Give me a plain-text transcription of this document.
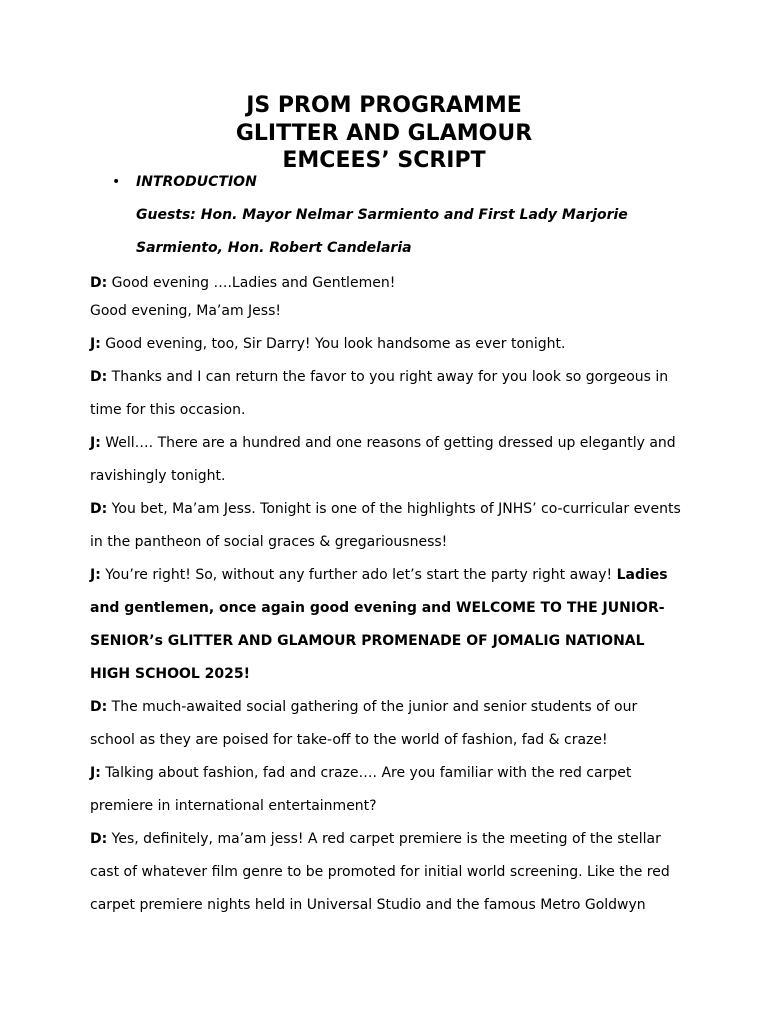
JS PROM PROGRAMME
GLITTER AND GLAMOUR
EMCEES’ SCRIPT
• INTRODUCTION
Guests: Hon. Mayor Nelmar Sarmiento and First Lady Marjorie
Sarmiento, Hon. Robert Candelaria
D: Good evening ….Ladies and Gentlemen!
Good evening, Ma’am Jess!
J: Good evening, too, Sir Darry! You look handsome as ever tonight.
D: Thanks and I can return the favor to you right away for you look so gorgeous in
time for this occasion.
J: Well…. There are a hundred and one reasons of getting dressed up elegantly and
ravishingly tonight.
D: You bet, Ma’am Jess. Tonight is one of the highlights of JNHS’ co-curricular events
in the pantheon of social graces & gregariousness!
J: You’re right! So, without any further ado let’s start the party right away! Ladies
and gentlemen, once again good evening and WELCOME TO THE JUNIOR-
SENIOR’s GLITTER AND GLAMOUR PROMENADE OF JOMALIG NATIONAL
HIGH SCHOOL 2025!
D: The much-awaited social gathering of the junior and senior students of our
school as they are poised for take-off to the world of fashion, fad & craze!
J: Talking about fashion, fad and craze…. Are you familiar with the red carpet
premiere in international entertainment?
D: Yes, definitely, ma’am jess! A red carpet premiere is the meeting of the stellar
cast of whatever film genre to be promoted for initial world screening. Like the red
carpet premiere nights held in Universal Studio and the famous Metro Goldwyn
